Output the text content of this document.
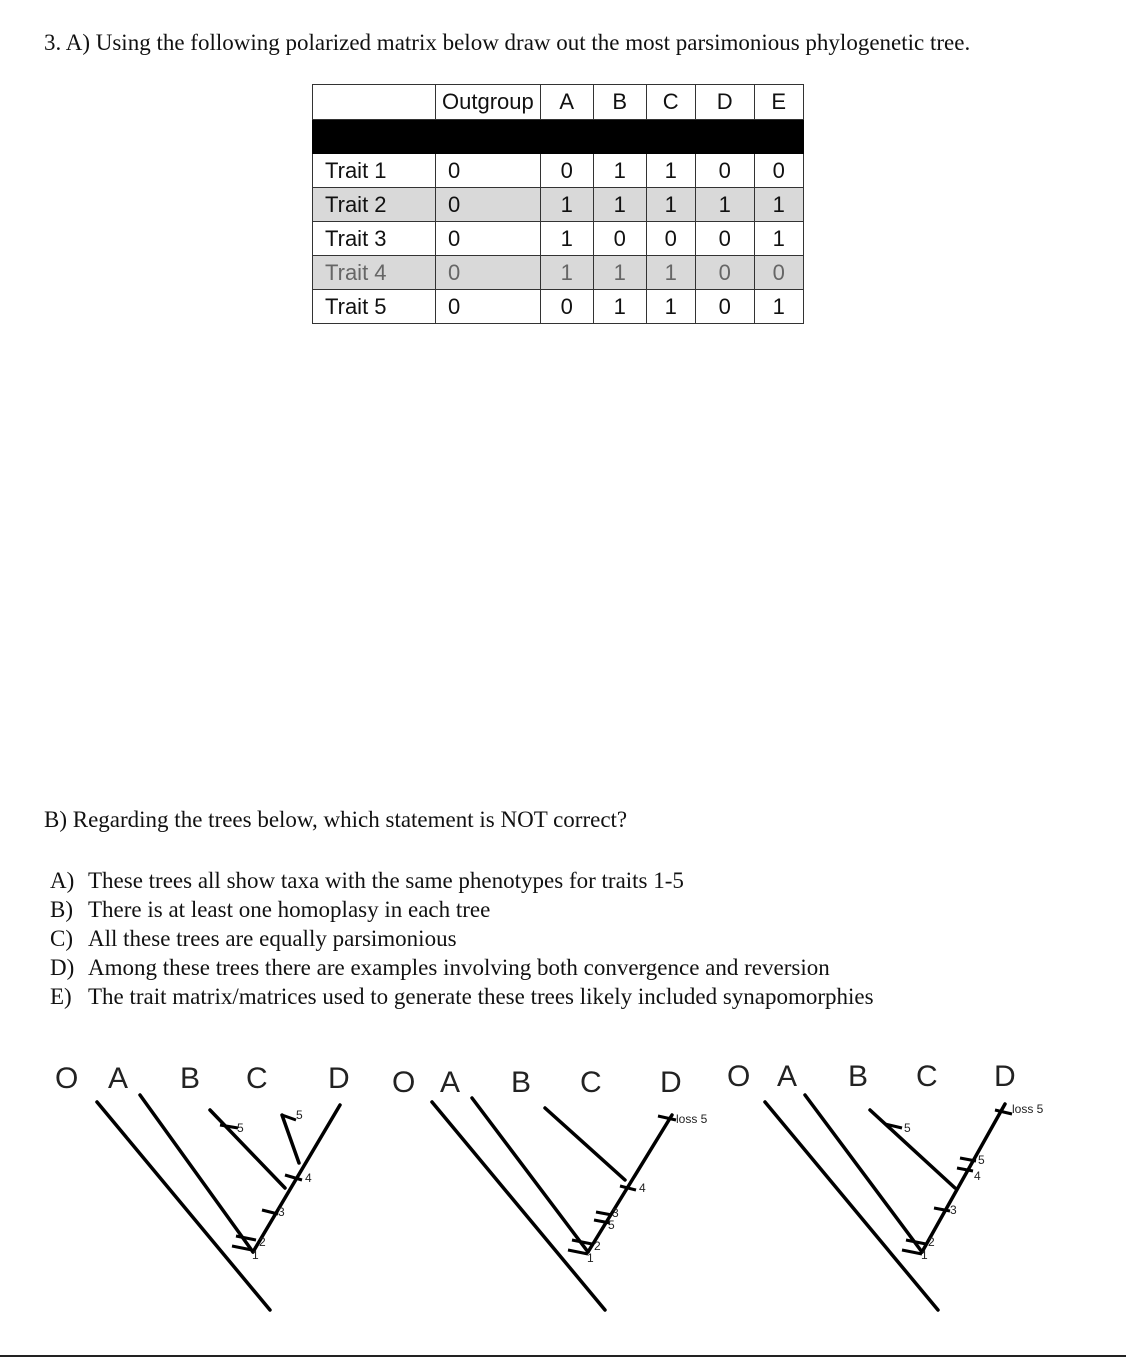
3. A) Using the following polarized matrix below draw out the most parsimonious phylogenetic tree.
	Outgroup	A	B	C	D	E

Trait 1	0	0	1	1	0	0
Trait 2	0	1	1	1	1	1
Trait 3	0	1	0	0	0	1
Trait 4	0	1	1	1	0	0
Trait 5	0	0	1	1	0	1
B) Regarding the trees below, which statement is NOT correct?
A) These trees all show taxa with the same phenotypes for traits 1-5
B) There is at least one homoplasy in each tree
C) All these trees are equally parsimonious
D) Among these trees there are examples involving both convergence and reversion
E) The trait matrix/matrices used to generate these trees likely included synapomorphies
O A B C D
5
5
4
3
2
1
O A B C D
loss 5
4
3
5
2
1
O A B C D
loss 5
5
5
4
3
2
1
